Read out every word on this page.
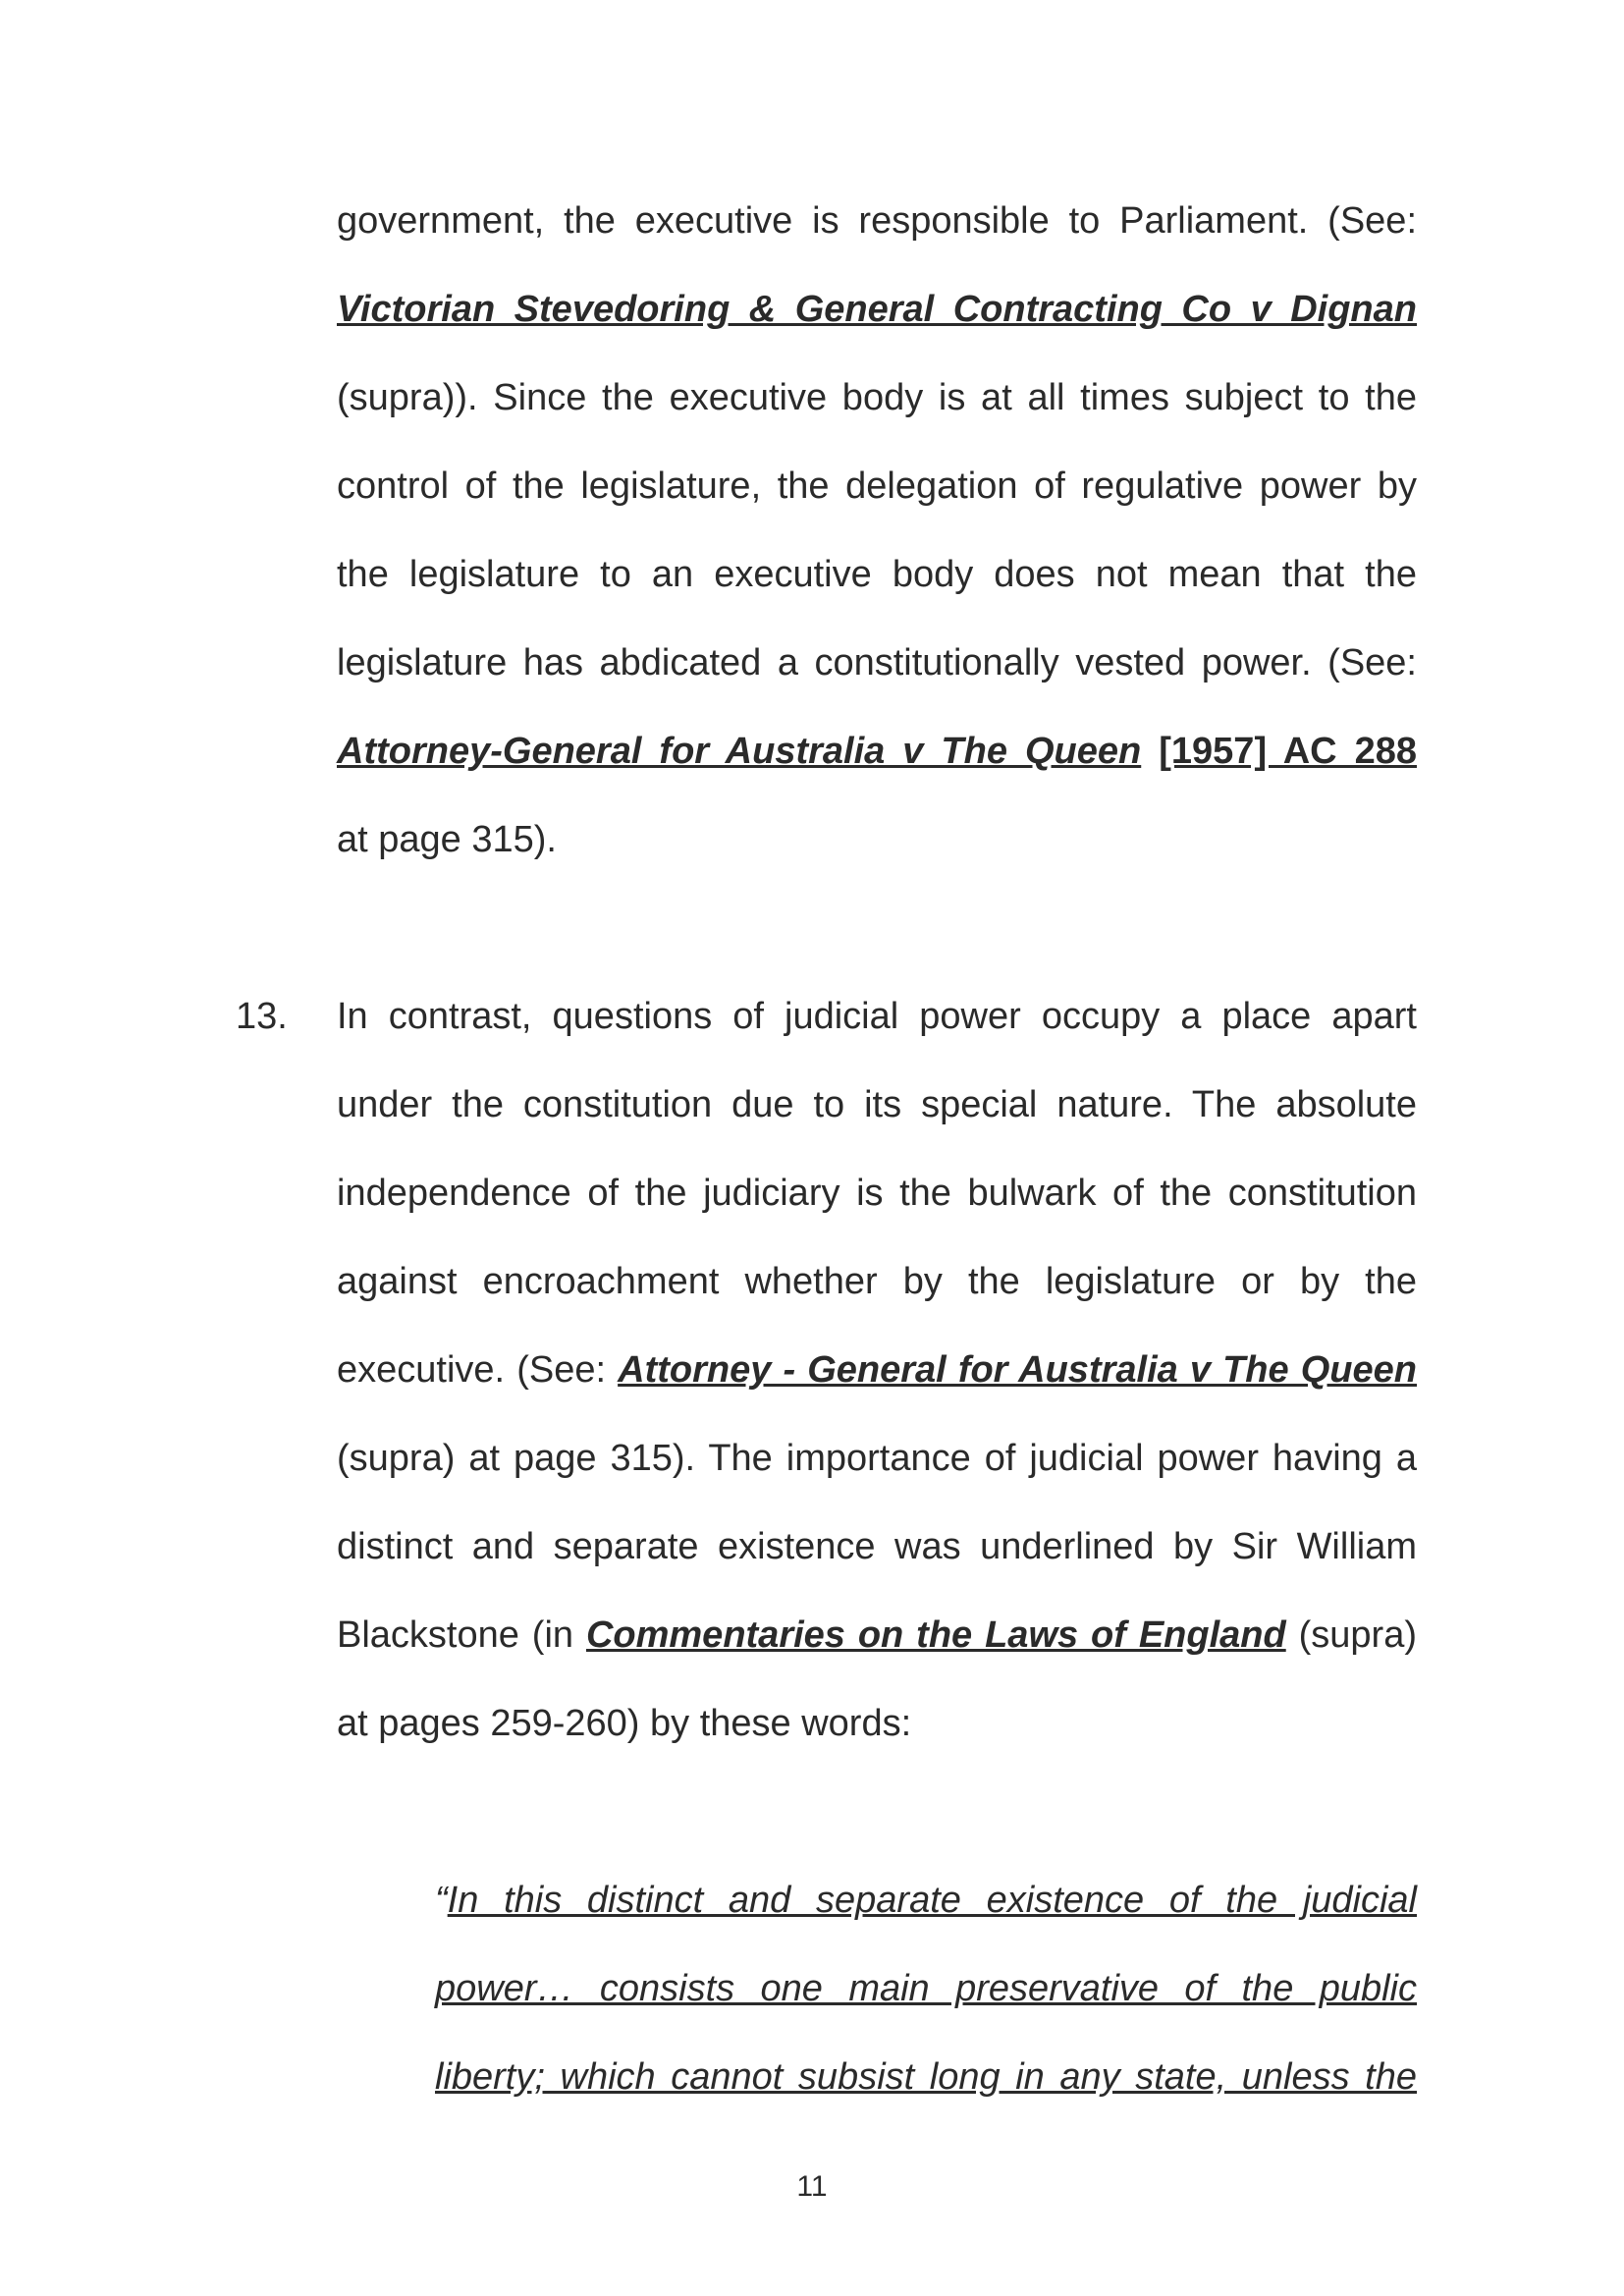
government, the executive is responsible to Parliament. (See:
Victorian Stevedoring & General Contracting Co v Dignan
(supra)). Since the executive body is at all times subject to the
control of the legislature, the delegation of regulative power by
the legislature to an executive body does not mean that the
legislature has abdicated a constitutionally vested power. (See:
Attorney-General for Australia v The Queen [1957] AC 288
at page 315).
13. In contrast, questions of judicial power occupy a place apart
under the constitution due to its special nature. The absolute
independence of the judiciary is the bulwark of the constitution
against encroachment whether by the legislature or by the
executive. (See: Attorney - General for Australia v The Queen
(supra) at page 315). The importance of judicial power having a
distinct and separate existence was underlined by Sir William
Blackstone (in Commentaries on the Laws of England (supra)
at pages 259-260) by these words:
“In this distinct and separate existence of the judicial
power… consists one main preservative of the public
liberty; which cannot subsist long in any state, unless the
11
